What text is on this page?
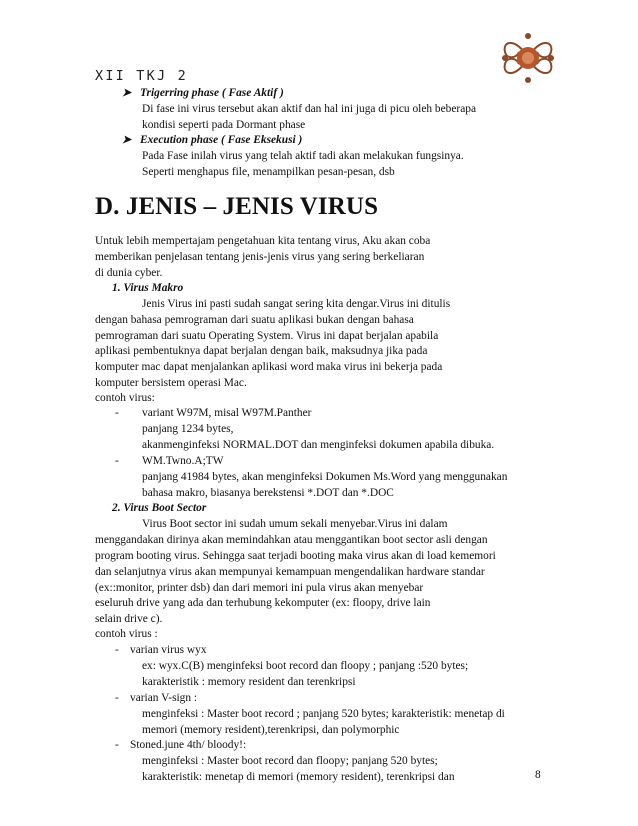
XII TKJ 2
➤ Trigerring phase ( Fase Aktif )
Di fase ini virus tersebut akan aktif dan hal ini juga di picu oleh beberapa
kondisi seperti pada Dormant phase
➤ Execution phase ( Fase Eksekusi )
Pada Fase inilah virus yang telah aktif tadi akan melakukan fungsinya.
Seperti menghapus file, menampilkan pesan-pesan, dsb
D. JENIS – JENIS VIRUS
Untuk lebih mempertajam pengetahuan kita tentang virus, Aku akan coba
memberikan penjelasan tentang jenis-jenis virus yang sering berkeliaran
di dunia cyber.
1. Virus Makro
Jenis Virus ini pasti sudah sangat sering kita dengar.Virus ini ditulis
dengan bahasa pemrograman dari suatu aplikasi bukan dengan bahasa
pemrograman dari suatu Operating System. Virus ini dapat berjalan apabila
aplikasi pembentuknya dapat berjalan dengan baik, maksudnya jika pada
komputer mac dapat menjalankan aplikasi word maka virus ini bekerja pada
komputer bersistem operasi Mac.
contoh virus:
- variant W97M, misal W97M.Panther
panjang 1234 bytes,
akanmenginfeksi NORMAL.DOT dan menginfeksi dokumen apabila dibuka.
- WM.Twno.A;TW
panjang 41984 bytes, akan menginfeksi Dokumen Ms.Word yang menggunakan
bahasa makro, biasanya berekstensi *.DOT dan *.DOC
2. Virus Boot Sector
Virus Boot sector ini sudah umum sekali menyebar.Virus ini dalam
menggandakan dirinya akan memindahkan atau menggantikan boot sector asli dengan
program booting virus. Sehingga saat terjadi booting maka virus akan di load kememori
dan selanjutnya virus akan mempunyai kemampuan mengendalikan hardware standar
(ex::monitor, printer dsb) dan dari memori ini pula virus akan menyebar
eseluruh drive yang ada dan terhubung kekomputer (ex: floopy, drive lain
selain drive c).
contoh virus :
- varian virus wyx
ex: wyx.C(B) menginfeksi boot record dan floopy ; panjang :520 bytes;
karakteristik : memory resident dan terenkripsi
- varian V-sign :
menginfeksi : Master boot record ; panjang 520 bytes; karakteristik: menetap di
memori (memory resident),terenkripsi, dan polymorphic
- Stoned.june 4th/ bloody!:
menginfeksi : Master boot record dan floopy; panjang 520 bytes;
karakteristik: menetap di memori (memory resident), terenkripsi dan	8
